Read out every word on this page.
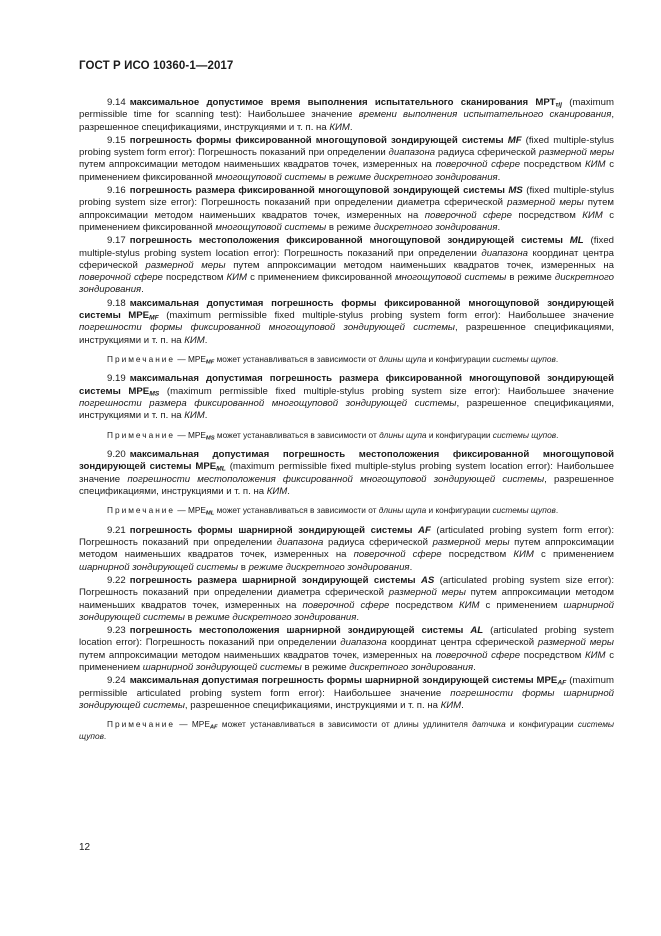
ГОСТ Р ИСО 10360-1—2017

9.14 максимальное допустимое время выполнения испытательного сканирования $МРТ_{\tau ij}$ (maximum permissible time for scanning test): Наибольшее значение времени выполнения испытательного сканирования, разрешенное спецификациями, инструкциями и т. п. на КИМ.

9.15 погрешность формы фиксированной многощуповой зондирующей системы MF (fixed multiple-stylus probing system form error): Погрешность показаний при определении диапазона радиуса сферической размерной меры путем аппроксимации методом наименьших квадратов точек, измеренных на поверочной сфере посредством КИМ с применением фиксированной многощуповой системы в режиме дискретного зондирования.

9.16 погрешность размера фиксированной многощуповой зондирующей системы MS (fixed multiple-stylus probing system size error): Погрешность показаний при определении диаметра сферической размерной меры путем аппроксимации методом наименьших квадратов точек, измеренных на поверочной сфере посредством КИМ с применением фиксированной многощуповой системы в режиме дискретного зондирования.

9.17 погрешность местоположения фиксированной многощуповой зондирующей системы ML (fixed multiple-stylus probing system location error): Погрешность показаний при определении диапазона координат центра сферической размерной меры путем аппроксимации методом наименьших квадратов точек, измеренных на поверочной сфере посредством КИМ с применением фиксированной многощуповой системы в режиме дискретного зондирования.

9.18 максимальная допустимая погрешность формы фиксированной многощуповой зондирующей системы $MPE_{MF}$ (maximum permissible fixed multiple-stylus probing system form error): Наибольшее значение погрешности формы фиксированной многощуповой зондирующей системы, разрешенное спецификациями, инструкциями и т. п. на КИМ.

Примечание — $MPE_{MF}$ может устанавливаться в зависимости от длины щупа и конфигурации системы щупов.

9.19 максимальная допустимая погрешность размера фиксированной многощуповой зондирующей системы $MPE_{MS}$ (maximum permissible fixed multiple-stylus probing system size error): Наибольшее значение погрешности размера фиксированной многощуповой зондирующей системы, разрешенное спецификациями, инструкциями и т. п. на КИМ.

Примечание — $MPE_{MS}$ может устанавливаться в зависимости от длины щупа и конфигурации системы щупов.

9.20 максимальная допустимая погрешность местоположения фиксированной многощуповой зондирующей системы $MPE_{ML}$ (maximum permissible fixed multiple-stylus probing system location error): Наибольшее значение погрешности местоположения фиксированной многощуповой зондирующей системы, разрешенное спецификациями, инструкциями и т. п. на КИМ.

Примечание — $MPE_{ML}$ может устанавливаться в зависимости от длины щупа и конфигурации системы щупов.

9.21 погрешность формы шарнирной зондирующей системы AF (articulated probing system form error): Погрешность показаний при определении диапазона радиуса сферической размерной меры путем аппроксимации методом наименьших квадратов точек, измеренных на поверочной сфере посредством КИМ с применением шарнирной зондирующей системы в режиме дискретного зондирования.

9.22 погрешность размера шарнирной зондирующей системы AS (articulated probing system size error): Погрешность показаний при определении диаметра сферической размерной меры путем аппроксимации методом наименьших квадратов точек, измеренных на поверочной сфере посредством КИМ с применением шарнирной зондирующей системы в режиме дискретного зондирования.

9.23 погрешность местоположения шарнирной зондирующей системы AL (articulated probing system location error): Погрешность показаний при определении диапазона координат центра сферической размерной меры путем аппроксимации методом наименьших квадратов точек, измеренных на поверочной сфере посредством КИМ с применением шарнирной зондирующей системы в режиме дискретного зондирования.

9.24 максимальная допустимая погрешность формы шарнирной зондирующей системы $MPE_{AF}$ (maximum permissible articulated probing system form error): Наибольшее значение погрешности формы шарнирной зондирующей системы, разрешенное спецификациями, инструкциями и т. п. на КИМ.

Примечание — $MPE_{AF}$ может устанавливаться в зависимости от длины удлинителя датчика и конфигурации системы щупов.

12
